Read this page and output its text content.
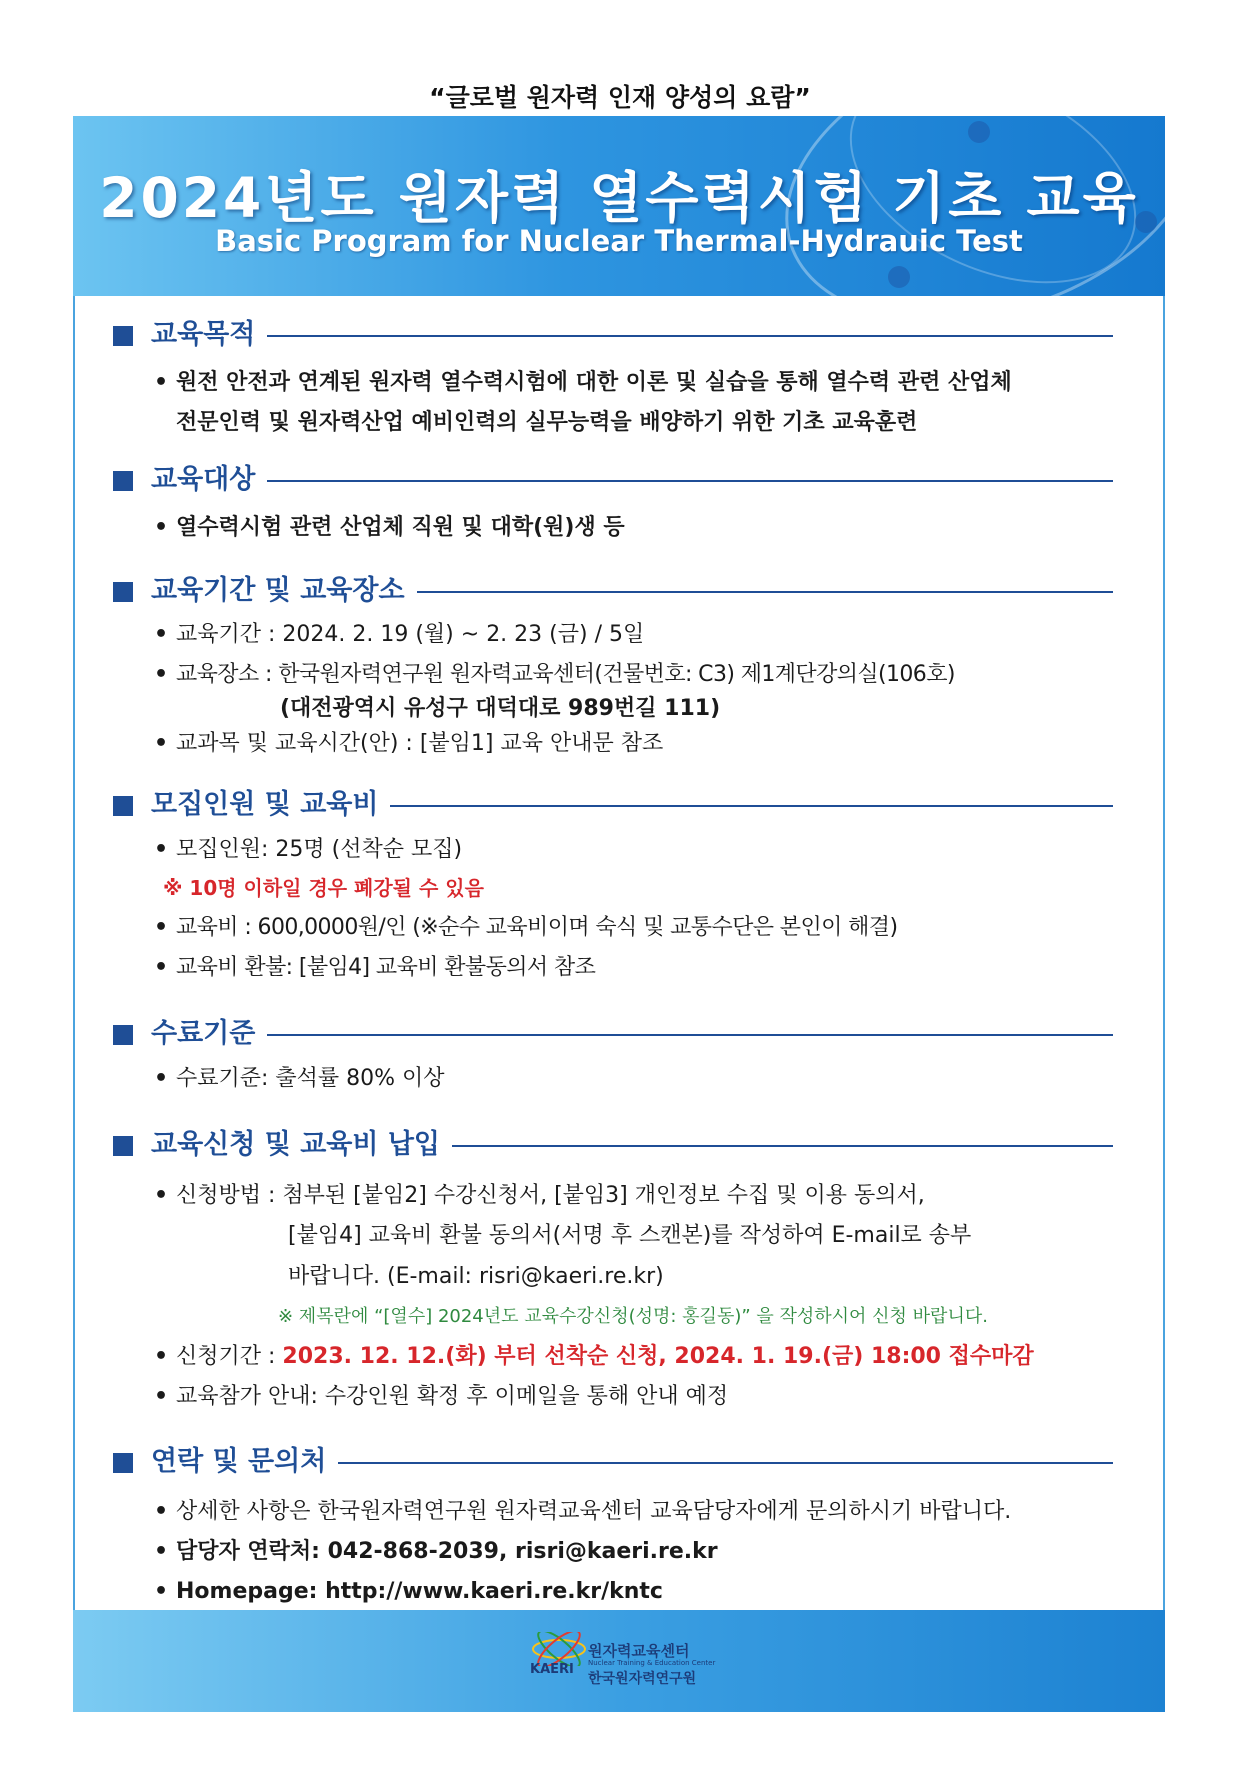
“글로벌 원자력 인재 양성의 요람”
2024년도 원자력 열수력시험 기초 교육
Basic Program for Nuclear Thermal-Hydrauic Test
교육목적
• 원전 안전과 연계된 원자력 열수력시험에 대한 이론 및 실습을 통해 열수력 관련 산업체
전문인력 및 원자력산업 예비인력의 실무능력을 배양하기 위한 기초 교육훈련
교육대상
• 열수력시험 관련 산업체 직원 및 대학(원)생 등
교육기간 및 교육장소
• 교육기간 : 2024. 2. 19 (월) ~ 2. 23 (금) / 5일
• 교육장소 : 한국원자력연구원 원자력교육센터(건물번호: C3) 제1계단강의실(106호)
(대전광역시 유성구 대덕대로 989번길 111)
• 교과목 및 교육시간(안) : [붙임1] 교육 안내문 참조
모집인원 및 교육비
• 모집인원: 25명 (선착순 모집)
※ 10명 이하일 경우 폐강될 수 있음
• 교육비 : 600,0000원/인 (※순수 교육비이며 숙식 및 교통수단은 본인이 해결)
• 교육비 환불: [붙임4] 교육비 환불동의서 참조
수료기준
• 수료기준: 출석률 80% 이상
교육신청 및 교육비 납입
• 신청방법 : 첨부된 [붙임2] 수강신청서, [붙임3] 개인정보 수집 및 이용 동의서,
[붙임4] 교육비 환불 동의서(서명 후 스캔본)를 작성하여 E-mail로 송부
바랍니다. (E-mail: risri@kaeri.re.kr)
※ 제목란에 “[열수] 2024년도 교육수강신청(성명: 홍길동)” 을 작성하시어 신청 바랍니다.
• 신청기간 : 2023. 12. 12.(화) 부터 선착순 신청, 2024. 1. 19.(금) 18:00 접수마감
• 교육참가 안내: 수강인원 확정 후 이메일을 통해 안내 예정
연락 및 문의처
• 상세한 사항은 한국원자력연구원 원자력교육센터 교육담당자에게 문의하시기 바랍니다.
• 담당자 연락처: 042-868-2039, risri@kaeri.re.kr
• Homepage: http://www.kaeri.re.kr/kntc
KAERI
원자력교육센터
Nuclear Training & Education Center
한국원자력연구원
